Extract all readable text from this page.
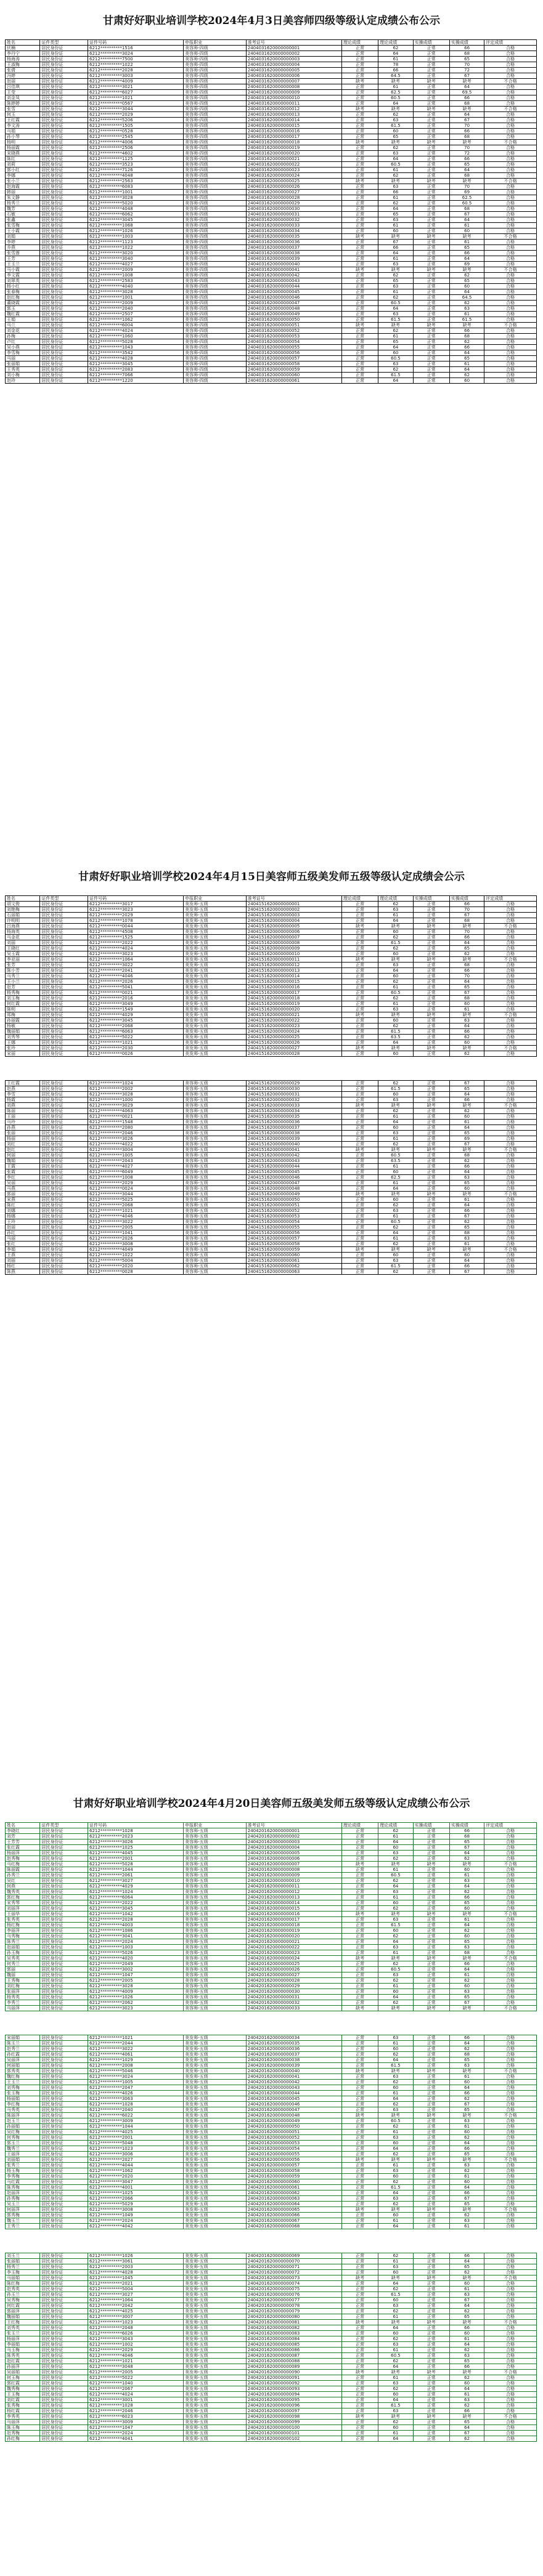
甘肃好好职业培训学校2024年4月3日美容师四级等级认定成绩公布公示
姓名	证件类型	证件号码	申报职业	准考证号	理论成绩	理论成绩	实操成绩	实操成绩	评定成绩
伏楠	居民身份证	6212**********1516	美容师-四级	2404031620000000001	正常	62	正常	66	合格
李丹宁	居民身份证	6212**********3024	美容师-四级	2404031620000000002	正常	64	正常	68	合格
杨海涛	居民身份证	6212**********7500	美容师-四级	2404031620000000003	正常	61	正常	65	合格
王淑梅	居民身份证	6212**********1022	美容师-四级	2404031620000000004	正常	78	正常	70	合格
张倩	居民身份证	6212**********2028	美容师-四级	2404031620000000005	正常	66	正常	72	合格
冯婷	居民身份证	6212**********3003	美容师-四级	2404031620000000006	正常	64.5	正常	67	合格
赵丽	居民身份证	6212**********4009	美容师-四级	2404031620000000007	缺考	缺考	缺考	缺考	不合格
吕佳琪	居民身份证	6212**********3021	美容师-四级	2404031620000000008	正常	61	正常	64	合格
王莹	居民身份证	6212**********6027	美容师-四级	2404031620000000009	正常	62.5	正常	69.5	合格
刘金凤	居民身份证	6212**********1021	美容师-四级	2404031620000000010	正常	60.5	正常	66	合格
陈婷婷	居民身份证	6212**********0567	美容师-四级	2404031620000000011	正常	64	正常	68	合格
张雪	居民身份证	6212**********3044	美容师-四级	2404031620000000012	缺考	缺考	缺考	缺考	不合格
何玉	居民身份证	6212**********2029	美容师-四级	2404031620000000013	正常	62	正常	64	合格
王红霞	居民身份证	6212**********5206	美容师-四级	2404031620000000014	正常	63	正常	67	合格
李文涛	居民身份证	6212**********1505	美容师-四级	2404031620000000015	正常	61.5	正常	70	合格
马娟	居民身份证	6212**********0528	美容师-四级	2404031620000000016	正常	60	正常	66	合格
孙小琴	居民身份证	6212**********2545	美容师-四级	2404031620000000017	正常	65	正常	68	合格
杨明	居民身份证	6212**********4006	美容师-四级	2404031620000000018	缺考	缺考	缺考	缺考	不合格
杨丽霞	居民身份证	6212**********2506	美容师-四级	2404031620000000019	正常	62	正常	70	合格
宋晓燕	居民身份证	6212**********4602	美容师-四级	2404031620000000020	正常	63	正常	72	合格
陈红	居民身份证	6212**********1125	美容师-四级	2404031620000000021	正常	64	正常	66	合格
刘莉	居民身份证	6212**********3523	美容师-四级	2404031620000000022	正常	60.5	正常	65	合格
郭小红	居民身份证	6212**********7126	美容师-四级	2404031620000000023	正常	61	正常	64	合格
李娜	居民身份证	6212**********4048	美容师-四级	2404031620000000024	正常	62	正常	68	合格
张小兰	居民身份证	6212**********2563	美容师-四级	2404031620000000025	缺考	缺考	缺考	缺考	不合格
赵海霞	居民身份证	6212**********6083	美容师-四级	2404031620000000026	正常	63	正常	70	合格
韩丽	居民身份证	6212**********1001	美容师-四级	2404031620000000027	正常	66	正常	69	合格
朱文静	居民身份证	6212**********3028	美容师-四级	2404031620000000028	正常	61	正常	62.5	合格
杨秀兰	居民身份证	6212**********5020	美容师-四级	2404031620000000029	正常	62	正常	60.5	合格
魏芳	居民身份证	6212**********4048	美容师-四级	2404031620000000030	正常	64	正常	68	合格
石敏	居民身份证	6212**********6062	美容师-四级	2404031620000000031	正常	65	正常	67	合格
张鑫	居民身份证	6212**********3045	美容师-四级	2404031620000000032	正常	63	正常	64	合格
张雪梅	居民身份证	6212**********1068	美容师-四级	2404031620000000033	正常	61	正常	61	合格
王小霞	居民身份证	6212**********1026	美容师-四级	2404031620000000034	正常	60	正常	60	合格
刘娟	居民身份证	6212**********1003	美容师-四级	2404031620000000035	缺考	缺考	缺考	缺考	不合格
李婷	居民身份证	6212**********1123	美容师-四级	2404031620000000036	正常	67	正常	61	合格
乔燕	居民身份证	6212**********1022	美容师-四级	2404031620000000037	正常	66	正常	65	合格
张雪莲	居民身份证	6212**********3020	美容师-四级	2404031620000000038	正常	64	正常	66	合格
王芳	居民身份证	6212**********3040	美容师-四级	2404031620000000039	正常	61	正常	64	合格
王玉兰	居民身份证	6212**********4027	美容师-四级	2404031620000000040	正常	63	正常	69	合格
马小霞	居民身份证	6212**********2009	美容师-四级	2404031620000000041	缺考	缺考	缺考	缺考	不合格
李文霞	居民身份证	6212**********1008	美容师-四级	2404031620000000042	正常	62	正常	62	合格
刘翠英	居民身份证	6212**********2583	美容师-四级	2404031620000000043	正常	65	正常	65	合格
杨小红	居民身份证	6212**********4040	美容师-四级	2404031620000000044	正常	63	正常	60	合格
张春梅	居民身份证	6212**********3028	美容师-四级	2404031620000000045	正常	61	正常	64	合格
赵红梅	居民身份证	6212**********1001	美容师-四级	2404031620000000046	正常	62	正常	64.5	合格
董晓霞	居民身份证	6212**********2009	美容师-四级	2404031620000000047	正常	60.5	正常	62	合格
郭玉	居民身份证	6212**********2040	美容师-四级	2404031620000000048	正常	64	正常	63	合格
魏红霞	居民身份证	6212**********2507	美容师-四级	2404031620000000049	正常	63	正常	61	合格
王娟	居民身份证	6212**********1062	美容师-四级	2404031620000000050	正常	61.5	正常	61.5	合格
马兰	居民身份证	6212**********6004	美容师-四级	2404031620000000051	缺考	缺考	缺考	缺考	不合格
刘金花	居民身份证	6212**********4024	美容师-四级	2404031620000000052	正常	62	正常	66	合格
孙梅	居民身份证	6212**********1060	美容师-四级	2404031620000000053	正常	61	正常	68	合格
卢红	居民身份证	6212**********5028	美容师-四级	2404031620000000054	正常	65	正常	62	合格
吴小燕	居民身份证	6212**********1043	美容师-四级	2404031620000000055	正常	64	正常	66	合格
李雪梅	居民身份证	6212**********3542	美容师-四级	2404031620000000056	正常	60	正常	64	合格
马丽	居民身份证	6212**********4028	美容师-四级	2404031620000000057	正常	60.5	正常	65	合格
张丽娟	居民身份证	6212**********3045	美容师-四级	2404031620000000058	正常	63	正常	61	合格
王秀英	居民身份证	6212**********2083	美容师-四级	2404031620000000059	正常	62	正常	64	合格
刘小梅	居民身份证	6212**********7066	美容师-四级	2404031620000000060	正常	61.5	正常	62	合格
赵玲	居民身份证	6212**********1220	美容师-四级	2404031620000000061	正常	64	正常	60	合格
甘肃好好职业培训学校2024年4月15日美容师五级美发师五级等级认定成绩会公示
姓名	证件类型	证件号码	申报职业	准考证号	理论成绩	理论成绩	实操成绩	实操成绩	评定成绩
胡文俊	居民身份证	6212**********3017	美发师-五级	2404151620000000001	正常	62	正常	66	合格
刘艳梅	居民身份证	6212**********3023	美发师-五级	2404151620000000002	正常	63	正常	70	合格
石丽娟	居民身份证	6212**********2029	美发师-五级	2404151620000000003	正常	61	正常	67	合格
许明明	居民身份证	6212**********1078	美发师-五级	2404151620000000004	正常	64	正常	68	合格
吕海燕	居民身份证	6212**********0044	美发师-五级	2404151620000000005	缺考	缺考	缺考	缺考	不合格
杨海英	居民身份证	6212**********4508	美发师-五级	2404151620000000006	正常	60	正常	70	合格
马金花	居民身份证	6212**********1525	美发师-五级	2404151620000000007	正常	62	正常	66	合格
刘丽	居民身份证	6212**********2022	美发师-五级	2404151620000000008	正常	61.5	正常	64	合格
王晓红	居民身份证	6212**********4024	美发师-五级	2404151620000000009	正常	62	正常	65	合格
吴玉霞	居民身份证	6212**********3023	美发师-五级	2404151620000000010	正常	60	正常	62	合格
李亚丽	居民身份证	6212**********1064	美发师-五级	2404151620000000011	缺考	缺考	缺考	缺考	不合格
张芳	居民身份证	6212**********3022	美发师-五级	2404151620000000012	正常	63	正常	68	合格
陈小芳	居民身份证	6212**********2041	美发师-五级	2404151620000000013	正常	64	正常	66	合格
马秀兰	居民身份证	6212**********4046	美发师-五级	2404151620000000014	正常	60	正常	70	合格
王小兰	居民身份证	6212**********2026	美发师-五级	2404151620000000015	正常	62	正常	64	合格
赵芳	居民身份证	6212**********5041	美发师-五级	2404151620000000016	正常	61	正常	65	合格
杨秀梅	居民身份证	6212**********0021	美发师-五级	2404151620000000017	正常	60.5	正常	67	合格
刘玉梅	居民身份证	6212**********2016	美发师-五级	2404151620000000018	正常	62	正常	68	合格
何红霞	居民身份证	6212**********3049	美发师-五级	2404151620000000019	正常	61	正常	60	合格
陈明	居民身份证	6212**********1549	美发师-五级	2404151620000000020	正常	63	正常	61	合格
郑梅	居民身份证	6212**********4029	美发师-五级	2404151620000000021	缺考	缺考	缺考	缺考	不合格
孙丽霞	居民身份证	6212**********3045	美发师-五级	2404151620000000022	正常	60	正常	63	合格
杨敏	居民身份证	6212**********2068	美发师-五级	2404151620000000023	正常	62	正常	64	合格
魏丽娟	居民身份证	6212**********6063	美发师-五级	2404151620000000024	正常	61.5	正常	66	合格
刘秀琴	居民身份证	6212**********5022	美发师-五级	2404151620000000025	正常	63.5	正常	62	合格
王娜	居民身份证	6212**********1021	美发师-五级	2404151620000000026	正常	64	正常	60	合格
张玲	居民身份证	6212**********2030	美发师-五级	2404151620000000027	缺考	缺考	缺考	缺考	不合格
宋丽	居民身份证	6212**********0026	美发师-五级	2404151620000000028	正常	60	正常	62	合格

王红霞	居民身份证	6212**********1024	美容师-五级	2404151620000000029	正常	62	正常	67	合格
赵燕	居民身份证	6212**********2002	美容师-五级	2404151620000000030	正常	61.5	正常	65	合格
李雪	居民身份证	6212**********3028	美容师-五级	2404151620000000031	正常	60	正常	64	合格
杨霞	居民身份证	6212**********1000	美容师-五级	2404151620000000032	正常	63	正常	66	合格
刘燕	居民身份证	6212**********3029	美容师-五级	2404151620000000033	缺考	缺考	缺考	缺考	不合格
陈丽	居民身份证	6212**********4063	美容师-五级	2404151620000000034	正常	62	正常	62	合格
王丽	居民身份证	6212**********0021	美容师-五级	2404151620000000035	正常	61	正常	60	合格
马玲	居民身份证	6212**********1548	美容师-五级	2404151620000000036	正常	64	正常	61	合格
孙燕	居民身份证	6212**********2080	美容师-五级	2404151620000000037	正常	60	正常	64	合格
张丽	居民身份证	6212**********2046	美容师-五级	2404151620000000038	正常	63	正常	65	合格
杨丽	居民身份证	6212**********3026	美容师-五级	2404151620000000039	正常	61	正常	69	合格
刘红	居民身份证	6212**********4022	美容师-五级	2404151620000000040	正常	62	正常	67	合格
赵红	居民身份证	6212**********3004	美容师-五级	2404151620000000041	缺考	缺考	缺考	缺考	不合格
何丽	居民身份证	6212**********1005	美容师-五级	2404151620000000042	正常	60.5	正常	68	合格
魏娟	居民身份证	6212**********2043	美容师-五级	2404151620000000043	正常	63.5	正常	62	合格
王霞	居民身份证	6212**********4027	美容师-五级	2404151620000000044	正常	61	正常	66	合格
张霞	居民身份证	6212**********6049	美容师-五级	2404151620000000045	正常	60	正常	64	合格
李红	居民身份证	6212**********1008	美容师-五级	2404151620000000046	正常	62.5	正常	63	合格
吴丽	居民身份证	6212**********2029	美容师-五级	2404151620000000047	正常	61	正常	65	合格
马燕	居民身份证	6212**********0024	美容师-五级	2404151620000000048	正常	64	正常	60	合格
郭丽	居民身份证	6212**********3044	美容师-五级	2404151620000000049	缺考	缺考	缺考	缺考	不合格
宋燕	居民身份证	6212**********5025	美容师-五级	2404151620000000050	正常	60	正常	61	合格
陈红	居民身份证	6212**********2068	美容师-五级	2404151620000000051	正常	62	正常	64	合格
刘娜	居民身份证	6212**********1021	美容师-五级	2404151620000000052	正常	63	正常	66	合格
杨娜	居民身份证	6212**********4046	美容师-五级	2404151620000000053	正常	61	正常	67	合格
王玲	居民身份证	6212**********3022	美容师-五级	2404151620000000054	正常	60.5	正常	62	合格
赵丽	居民身份证	6212**********2005	美容师-五级	2404151620000000055	正常	62	正常	65	合格
孙红	居民身份证	6212**********1041	美容师-五级	2404151620000000056	正常	64	正常	68	合格
马丽	居民身份证	6212**********2026	美容师-五级	2404151620000000057	正常	61	正常	63	合格
张红	居民身份证	6212**********3008	美容师-五级	2404151620000000058	正常	62	正常	61	合格
李娟	居民身份证	6212**********4049	美容师-五级	2404151620000000059	缺考	缺考	缺考	缺考	不合格
王燕	居民身份证	6212**********1022	美容师-五级	2404151620000000060	正常	60	正常	60	合格
刘丽	居民身份证	6212**********5004	美容师-五级	2404151620000000061	正常	63	正常	64	合格
杨红	居民身份证	6212**********2020	美容师-五级	2404151620000000062	正常	61.5	正常	66	合格
陈燕	居民身份证	6212**********0028	美容师-五级	2404151620000000063	正常	62	正常	67	合格
甘肃好好职业培训学校2024年4月20日美容师五级美发师五级等级认定成绩公布公示
姓名	证件类型	证件号码	申报职业	准考证号	理论成绩	理论成绩	实操成绩	实操成绩	评定成绩
李晓红	居民身份证	6212**********1028	美容师-五级	2404201620000000001	正常	62	正常	66	合格
刘芳	居民身份证	6212**********2023	美容师-五级	2404201620000000002	正常	61	正常	68	合格
王芳芳	居民身份证	6212**********3026	美容师-五级	2404201620000000003	正常	64	正常	65	合格
张红霞	居民身份证	6212**********1025	美容师-五级	2404201620000000004	正常	60	正常	67	合格
杨丽萍	居民身份证	6212**********4045	美容师-五级	2404201620000000005	正常	63	正常	64	合格
赵秀梅	居民身份证	6212**********2001	美容师-五级	2404201620000000006	正常	62	正常	62	合格
马红梅	居民身份证	6212**********5028	美容师-五级	2404201620000000007	缺考	缺考	缺考	缺考	不合格
陈丽霞	居民身份证	6212**********1044	美容师-五级	2404201620000000008	正常	61	正常	60	合格
孙秀兰	居民身份证	6212**********2061	美容师-五级	2404201620000000009	正常	60.5	正常	61	合格
吴红	居民身份证	6212**********3027	美容师-五级	2404201620000000010	正常	62	正常	63	合格
何燕	居民身份证	6212**********4029	美容师-五级	2404201620000000011	正常	64	正常	64	合格
魏秀英	居民身份证	6212**********1024	美容师-五级	2404201620000000012	正常	63	正常	62	合格
郭红梅	居民身份证	6212**********6064	美容师-五级	2404201620000000013	正常	61	正常	66	合格
宋秀琴	居民身份证	6212**********2022	美容师-五级	2404201620000000014	正常	60	正常	65	合格
刘丽萍	居民身份证	6212**********3045	美容师-五级	2404201620000000015	正常	62	正常	60	合格
王丽华	居民身份证	6212**********1042	美容师-五级	2404201620000000016	缺考	缺考	缺考	缺考	不合格
张秀英	居民身份证	6212**********2028	美容师-五级	2404201620000000017	正常	63	正常	61	合格
杨红梅	居民身份证	6212**********4003	美容师-五级	2404201620000000018	正常	61.5	正常	64	合格
李丽萍	居民身份证	6212**********1086	美容师-五级	2404201620000000019	正常	60	正常	62	合格
马秀梅	居民身份证	6212**********3041	美容师-五级	2404201620000000020	正常	62	正常	60	合格
陈秀兰	居民身份证	6212**********2024	美容师-五级	2404201620000000021	正常	64	正常	65	合格
赵丽娟	居民身份证	6212**********1003	美容师-五级	2404201620000000022	正常	63	正常	63	合格
孙玉梅	居民身份证	6212**********5026	美容师-五级	2404201620000000023	正常	61	正常	68	合格
吴秀英	居民身份证	6212**********4020	美容师-五级	2404201620000000024	缺考	缺考	缺考	缺考	不合格
何秀兰	居民身份证	6212**********2049	美容师-五级	2404201620000000025	正常	62	正常	66	合格
郭丽	居民身份证	6212**********3002	美容师-五级	2404201620000000026	正常	60.5	正常	64	合格
魏丽	居民身份证	6212**********1047	美容师-五级	2404201620000000027	正常	63	正常	61	合格
王秀梅	居民身份证	6212**********2005	美容师-五级	2404201620000000028	正常	62	正常	62	合格
刘红梅	居民身份证	6212**********3028	美容师-五级	2404201620000000029	正常	61	正常	60	合格
张丽萍	居民身份证	6212**********4009	美容师-五级	2404201620000000030	正常	60	正常	63	合格
杨秀英	居民身份证	6212**********1026	美容师-五级	2404201620000000031	正常	64	正常	65	合格
李秀兰	居民身份证	6212**********2062	美容师-五级	2404201620000000032	正常	62	正常	67	合格
马丽萍	居民身份证	6212**********3023	美容师-五级	2404201620000000033	缺考	缺考	缺考	缺考	不合格

宋丽娟	居民身份证	6212**********1021	美发师-五级	2404201620000000034	正常	63	正常	66	合格
陈玉兰	居民身份证	6212**********2044	美发师-五级	2404201620000000035	正常	61	正常	64	合格
赵秀兰	居民身份证	6212**********3022	美发师-五级	2404201620000000036	正常	60	正常	62	合格
孙红霞	居民身份证	6212**********4061	美发师-五级	2404201620000000037	正常	62	正常	68	合格
吴丽萍	居民身份证	6212**********1029	美发师-五级	2404201620000000038	正常	64	正常	65	合格
何丽娟	居民身份证	6212**********2008	美发师-五级	2404201620000000039	正常	61.5	正常	63	合格
郭秀英	居民身份证	6212**********5046	美发师-五级	2404201620000000040	缺考	缺考	缺考	缺考	不合格
魏红梅	居民身份证	6212**********3024	美发师-五级	2404201620000000041	正常	63	正常	61	合格
王玉兰	居民身份证	6212**********1005	美发师-五级	2404201620000000042	正常	62	正常	60	合格
刘秀梅	居民身份证	6212**********2047	美发师-五级	2404201620000000043	正常	60	正常	64	合格
张玉梅	居民身份证	6212**********4026	美发师-五级	2404201620000000044	正常	61	正常	66	合格
杨丽娟	居民身份证	6212**********3063	美发师-五级	2404201620000000045	正常	64	正常	62	合格
李红梅	居民身份证	6212**********1028	美发师-五级	2404201620000000046	正常	62	正常	67	合格
马秀英	居民身份证	6212**********2040	美发师-五级	2404201620000000047	正常	63	正常	65	合格
陈丽萍	居民身份证	6212**********6022	美发师-五级	2404201620000000048	缺考	缺考	缺考	缺考	不合格
赵玉兰	居民身份证	6212**********3009	美发师-五级	2404201620000000049	正常	60.5	正常	63	合格
孙丽娟	居民身份证	6212**********1044	美发师-五级	2404201620000000050	正常	62	正常	61	合格
吴红梅	居民身份证	6212**********4025	美发师-五级	2404201620000000051	正常	61	正常	60	合格
何秀梅	居民身份证	6212**********2001	美发师-五级	2404201620000000052	正常	63	正常	62	合格
郭玉兰	居民身份证	6212**********5048	美发师-五级	2404201620000000053	正常	60	正常	64	合格
魏秀兰	居民身份证	6212**********1023	美发师-五级	2404201620000000054	正常	64	正常	66	合格
王丽萍	居民身份证	6212**********3006	美发师-五级	2404201620000000055	正常	62	正常	65	合格
刘丽娟	居民身份证	6212**********2027	美发师-五级	2404201620000000056	缺考	缺考	缺考	缺考	不合格
张秀兰	居民身份证	6212**********4044	美发师-五级	2404201620000000057	正常	61	正常	63	合格
杨玉梅	居民身份证	6212**********1062	美发师-五级	2404201620000000058	正常	63	正常	62	合格
李秀梅	居民身份证	6212**********2020	美发师-五级	2404201620000000059	正常	60	正常	61	合格
马红霞	居民身份证	6212**********3047	美发师-五级	2404201620000000060	正常	62	正常	60	合格
陈秀梅	居民身份证	6212**********4001	美发师-五级	2404201620000000061	正常	61.5	正常	64	合格
赵丽萍	居民身份证	6212**********1025	美发师-五级	2404201620000000062	正常	64	正常	66	合格
孙秀梅	居民身份证	6212**********2066	美发师-五级	2404201620000000063	正常	63	正常	67	合格
吴玉兰	居民身份证	6212**********5029	美发师-五级	2404201620000000064	正常	62	正常	65	合格
何丽萍	居民身份证	6212**********3008	美发师-五级	2404201620000000065	缺考	缺考	缺考	缺考	不合格
郭秀梅	居民身份证	6212**********1049	美发师-五级	2404201620000000066	正常	60	正常	62	合格
魏玉兰	居民身份证	6212**********2024	美发师-五级	2404201620000000067	正常	61	正常	63	合格
王秀兰	居民身份证	6212**********4042	美发师-五级	2404201620000000068	正常	64	正常	61	合格

刘玉兰	居民身份证	6212**********1026	美发师-五级	2404201620000000069	正常	62	正常	66	合格
张丽娟	居民身份证	6212**********3061	美发师-五级	2404201620000000070	正常	61	正常	64	合格
杨秀兰	居民身份证	6212**********2003	美发师-五级	2404201620000000071	正常	63	正常	65	合格
李玉梅	居民身份证	6212**********4028	美发师-五级	2404201620000000072	正常	60	正常	62	合格
马丽娟	居民身份证	6212**********1045	美发师-五级	2404201620000000073	缺考	缺考	缺考	缺考	不合格
陈红梅	居民身份证	6212**********2021	美发师-五级	2404201620000000074	正常	64	正常	60	合格
赵秀英	居民身份证	6212**********5004	美发师-五级	2404201620000000075	正常	62	正常	61	合格
孙玉兰	居民身份证	6212**********3027	美发师-五级	2404201620000000076	正常	61.5	正常	63	合格
吴秀梅	居民身份证	6212**********1064	美发师-五级	2404201620000000077	正常	60	正常	67	合格
何红霞	居民身份证	6212**********2042	美发师-五级	2404201620000000078	正常	63	正常	64	合格
郭丽萍	居民身份证	6212**********4025	美发师-五级	2404201620000000079	正常	62	正常	62	合格
魏丽娟	居民身份证	6212**********3007	美发师-五级	2404201620000000080	正常	61	正常	65	合格
王红梅	居民身份证	6212**********1023	美发师-五级	2404201620000000081	缺考	缺考	缺考	缺考	不合格
刘秀英	居民身份证	6212**********2048	美发师-五级	2404201620000000082	正常	64	正常	66	合格
张玉兰	居民身份证	6212**********6026	美发师-五级	2404201620000000083	正常	60	正常	60	合格
杨丽萍	居民身份证	6212**********3043	美发师-五级	2404201620000000084	正常	62	正常	61	合格
李丽娟	居民身份证	6212**********1002	美发师-五级	2404201620000000085	正常	63	正常	64	合格
马玉梅	居民身份证	6212**********2029	美发师-五级	2404201620000000086	正常	61	正常	62	合格
陈秀英	居民身份证	6212**********4046	美发师-五级	2404201620000000087	正常	60.5	正常	63	合格
赵红霞	居民身份证	6212**********1021	美发师-五级	2404201620000000088	正常	62	正常	65	合格
孙丽萍	居民身份证	6212**********3048	美发师-五级	2404201620000000089	正常	64	正常	66	合格
吴丽娟	居民身份证	6212**********2005	美发师-五级	2404201620000000090	缺考	缺考	缺考	缺考	不合格
何玉梅	居民身份证	6212**********5022	美发师-五级	2404201620000000091	正常	61	正常	62	合格
郭红霞	居民身份证	6212**********1040	美发师-五级	2404201620000000092	正常	63	正常	60	合格
魏秀梅	居民身份证	6212**********2067	美发师-五级	2404201620000000093	正常	62	正常	64	合格
王玉梅	居民身份证	6212**********4024	美发师-五级	2404201620000000094	正常	60	正常	61	合格
刘红霞	居民身份证	6212**********3001	美发师-五级	2404201620000000095	正常	64	正常	63	合格
张秀梅	居民身份证	6212**********1028	美发师-五级	2404201620000000096	正常	61.5	正常	62	合格
杨红霞	居民身份证	6212**********2046	美发师-五级	2404201620000000097	正常	63	正常	66	合格
李秀英	居民身份证	6212**********6023	美发师-五级	2404201620000000098	缺考	缺考	缺考	缺考	不合格
马丽萍	居民身份证	6212**********3009	美发师-五级	2404201620000000099	正常	62	正常	65	合格
陈玉梅	居民身份证	6212**********1047	美发师-五级	2404201620000000100	正常	60	正常	64	合格
赵秀梅	居民身份证	6212**********2024	美发师-五级	2404201620000000101	正常	61	正常	67	合格
孙红梅	居民身份证	6212**********4041	美发师-五级	2404201620000000102	正常	64	正常	62	合格
